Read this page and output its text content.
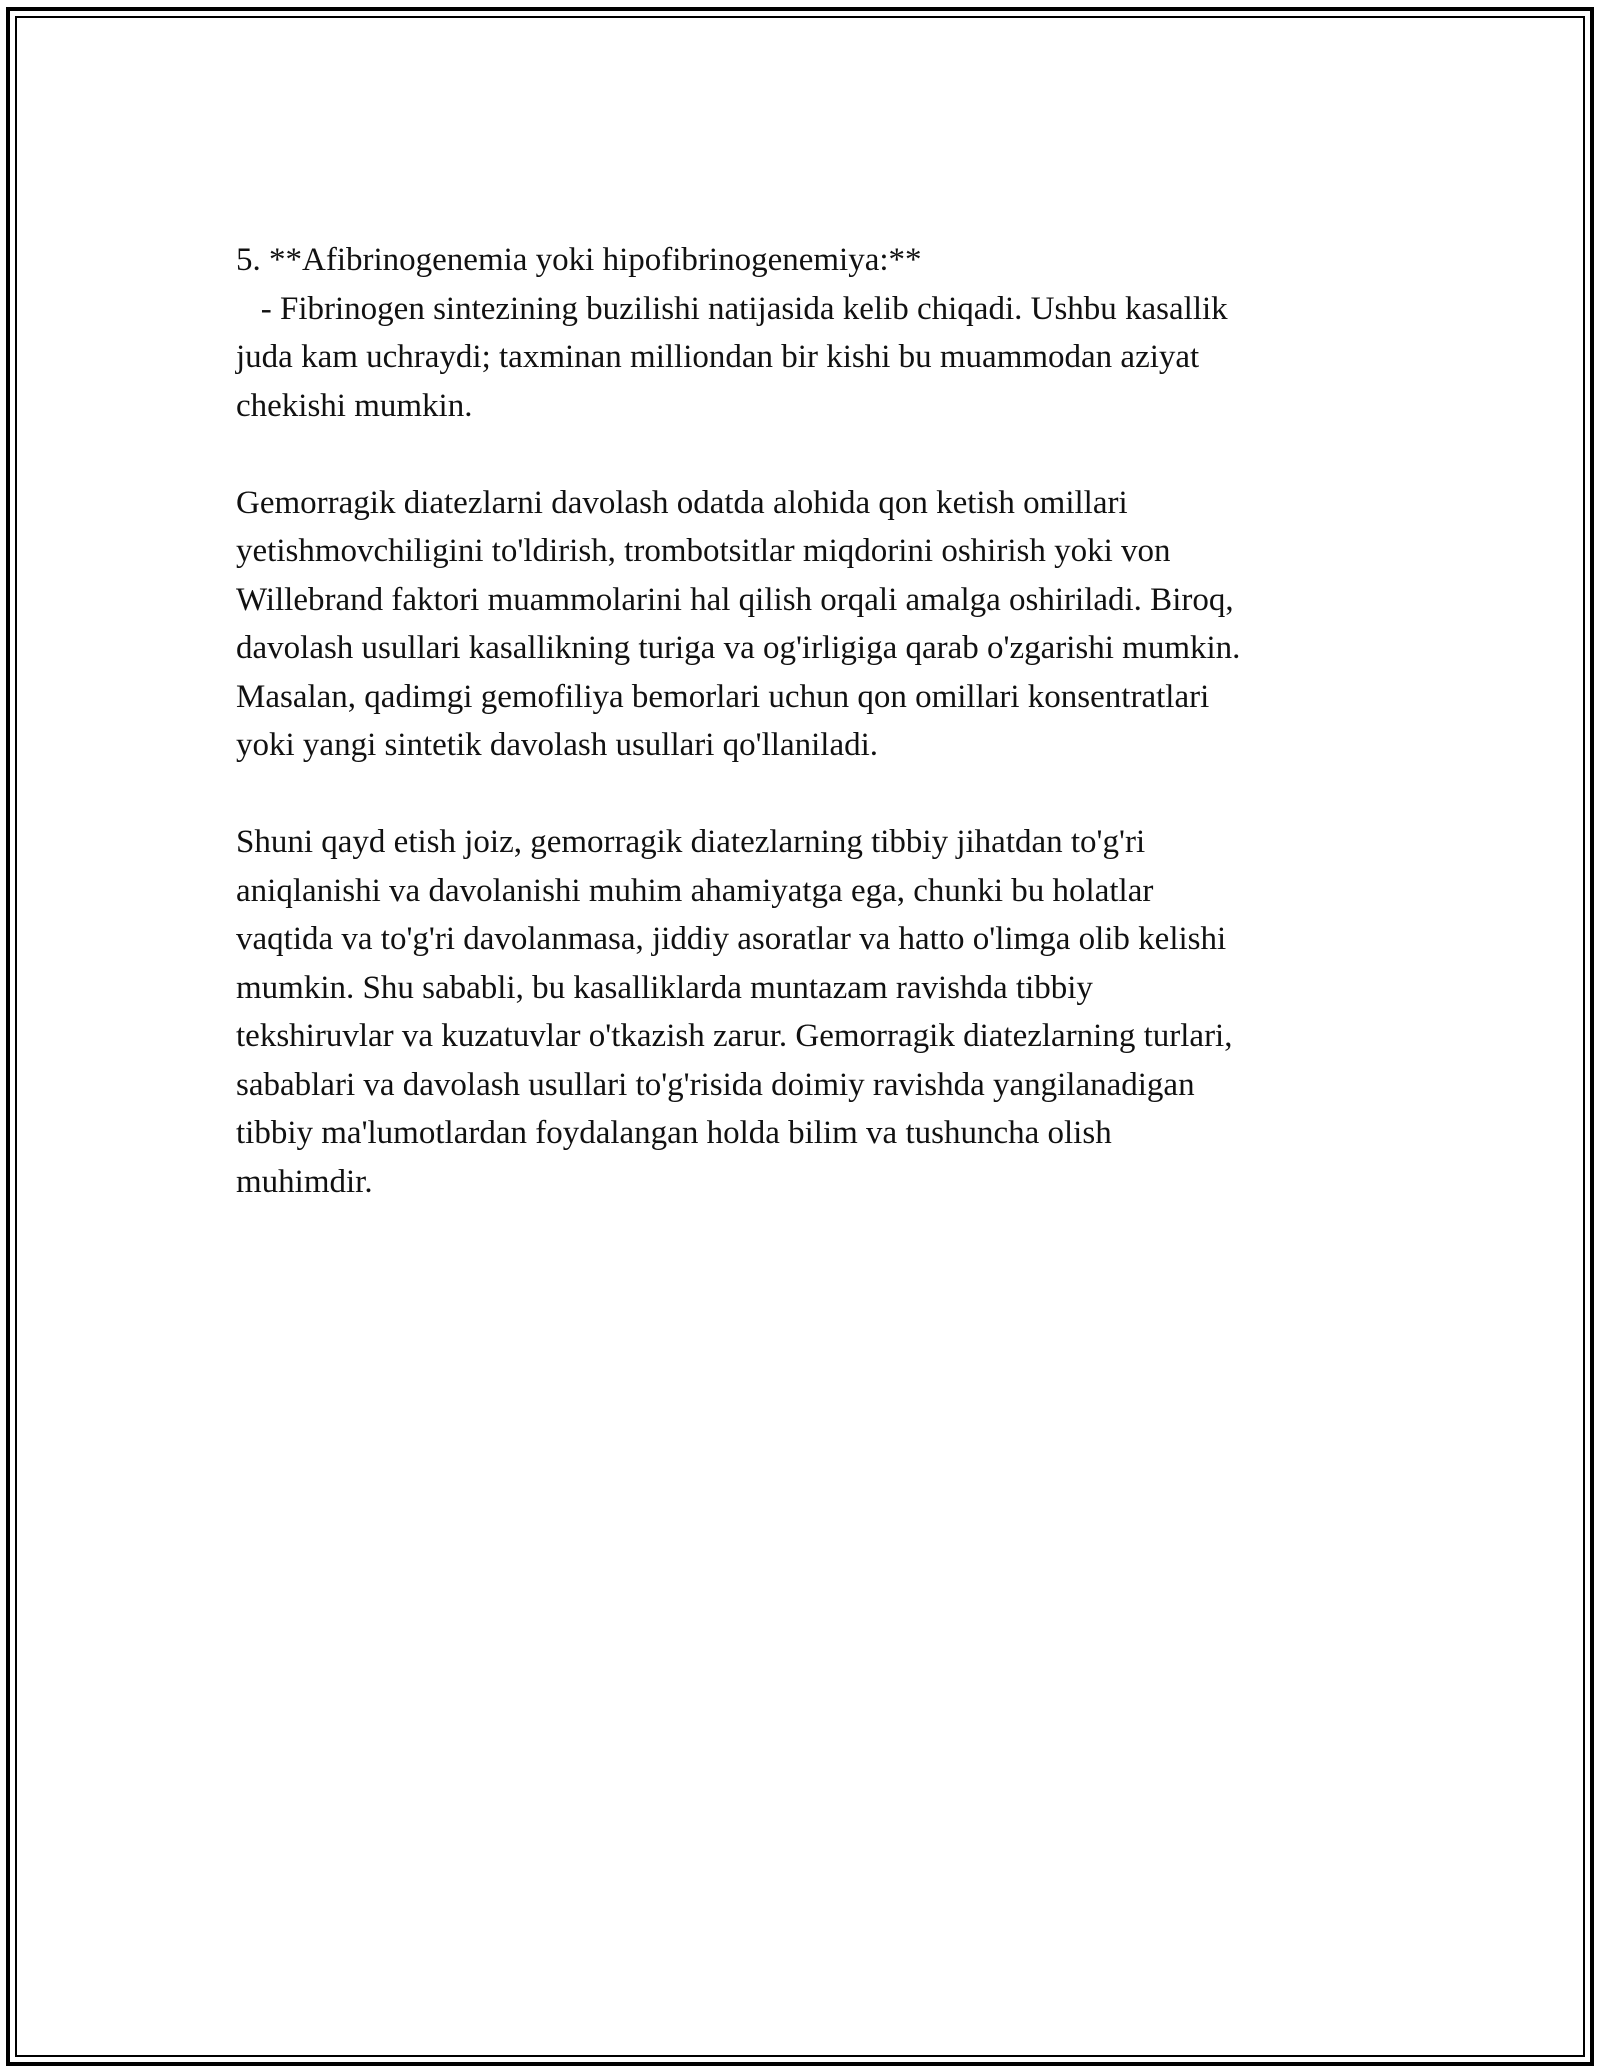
5. **Afibrinogenemia yoki hipofibrinogenemiya:**
- Fibrinogen sintezining buzilishi natijasida kelib chiqadi. Ushbu kasallik
juda kam uchraydi; taxminan milliondan bir kishi bu muammodan aziyat
chekishi mumkin.
Gemorragik diatezlarni davolash odatda alohida qon ketish omillari
yetishmovchiligini to'ldirish, trombotsitlar miqdorini oshirish yoki von
Willebrand faktori muammolarini hal qilish orqali amalga oshiriladi. Biroq,
davolash usullari kasallikning turiga va og'irligiga qarab o'zgarishi mumkin.
Masalan, qadimgi gemofiliya bemorlari uchun qon omillari konsentratlari
yoki yangi sintetik davolash usullari qo'llaniladi.
Shuni qayd etish joiz, gemorragik diatezlarning tibbiy jihatdan to'g'ri
aniqlanishi va davolanishi muhim ahamiyatga ega, chunki bu holatlar
vaqtida va to'g'ri davolanmasa, jiddiy asoratlar va hatto o'limga olib kelishi
mumkin. Shu sababli, bu kasalliklarda muntazam ravishda tibbiy
tekshiruvlar va kuzatuvlar o'tkazish zarur. Gemorragik diatezlarning turlari,
sabablari va davolash usullari to'g'risida doimiy ravishda yangilanadigan
tibbiy ma'lumotlardan foydalangan holda bilim va tushuncha olish
muhimdir.
